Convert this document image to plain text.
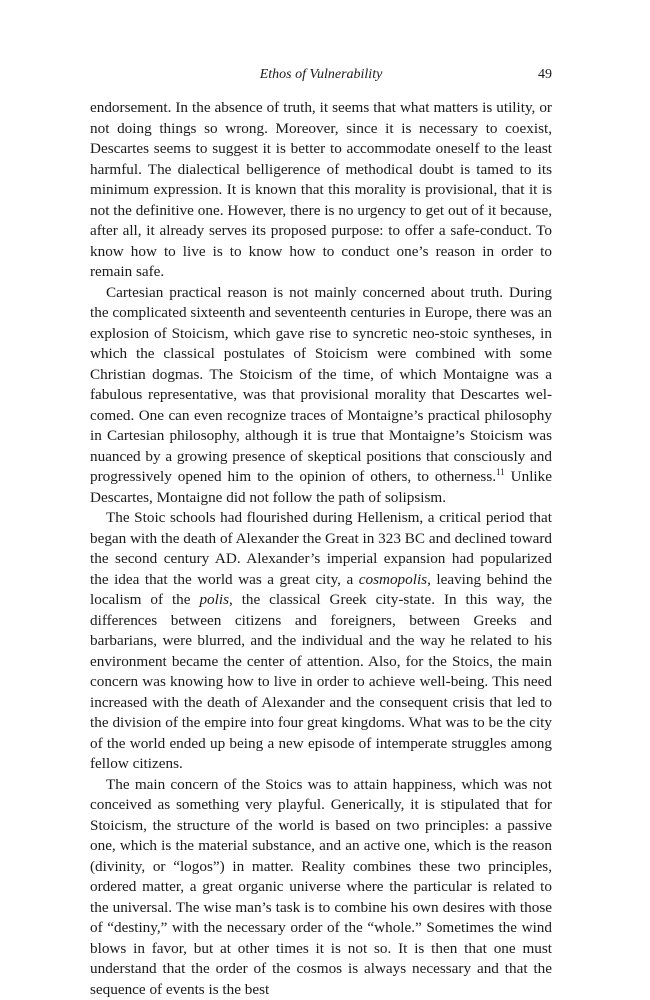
Ethos of Vulnerability	49

endorsement. In the absence of truth, it seems that what matters is utility, or not doing things so wrong. Moreover, since it is necessary to coexist, Descartes seems to suggest it is better to accommodate oneself to the least harmful. The dialectical belligerence of methodical doubt is tamed to its minimum expression. It is known that this morality is provisional, that it is not the definitive one. However, there is no urgency to get out of it because, after all, it already serves its proposed purpose: to offer a safe-conduct. To know how to live is to know how to conduct one’s reason in order to remain safe.

Cartesian practical reason is not mainly concerned about truth. During the complicated sixteenth and seventeenth centuries in Europe, there was an explosion of Stoicism, which gave rise to syncretic neo-stoic syntheses, in which the classical postulates of Stoicism were combined with some Christian dogmas. The Stoicism of the time, of which Montaigne was a fabulous representative, was that provisional morality that Descartes welcomed. One can even recognize traces of Montaigne’s practical philosophy in Cartesian philosophy, although it is true that Montaigne’s Stoicism was nuanced by a growing presence of skeptical positions that consciously and progressively opened him to the opinion of others, to otherness.$^{11}$ Unlike Descartes, Montaigne did not follow the path of solipsism.

The Stoic schools had flourished during Hellenism, a critical period that began with the death of Alexander the Great in 323 BC and declined toward the second century AD. Alexander’s imperial expansion had popularized the idea that the world was a great city, a cosmopolis, leaving behind the localism of the polis, the classical Greek city-state. In this way, the differences between citizens and foreigners, between Greeks and barbarians, were blurred, and the individual and the way he related to his environment became the center of attention. Also, for the Stoics, the main concern was knowing how to live in order to achieve well-being. This need increased with the death of Alexander and the consequent crisis that led to the division of the empire into four great kingdoms. What was to be the city of the world ended up being a new episode of intemperate struggles among fellow citizens.

The main concern of the Stoics was to attain happiness, which was not conceived as something very playful. Generically, it is stipulated that for Stoicism, the structure of the world is based on two principles: a passive one, which is the material substance, and an active one, which is the reason (divinity, or “logos”) in matter. Reality combines these two principles, ordered matter, a great organic universe where the particular is related to the universal. The wise man’s task is to combine his own desires with those of “destiny,” with the necessary order of the “whole.” Sometimes the wind blows in favor, but at other times it is not so. It is then that one must understand that the order of the cosmos is always necessary and that the sequence of events is the best
